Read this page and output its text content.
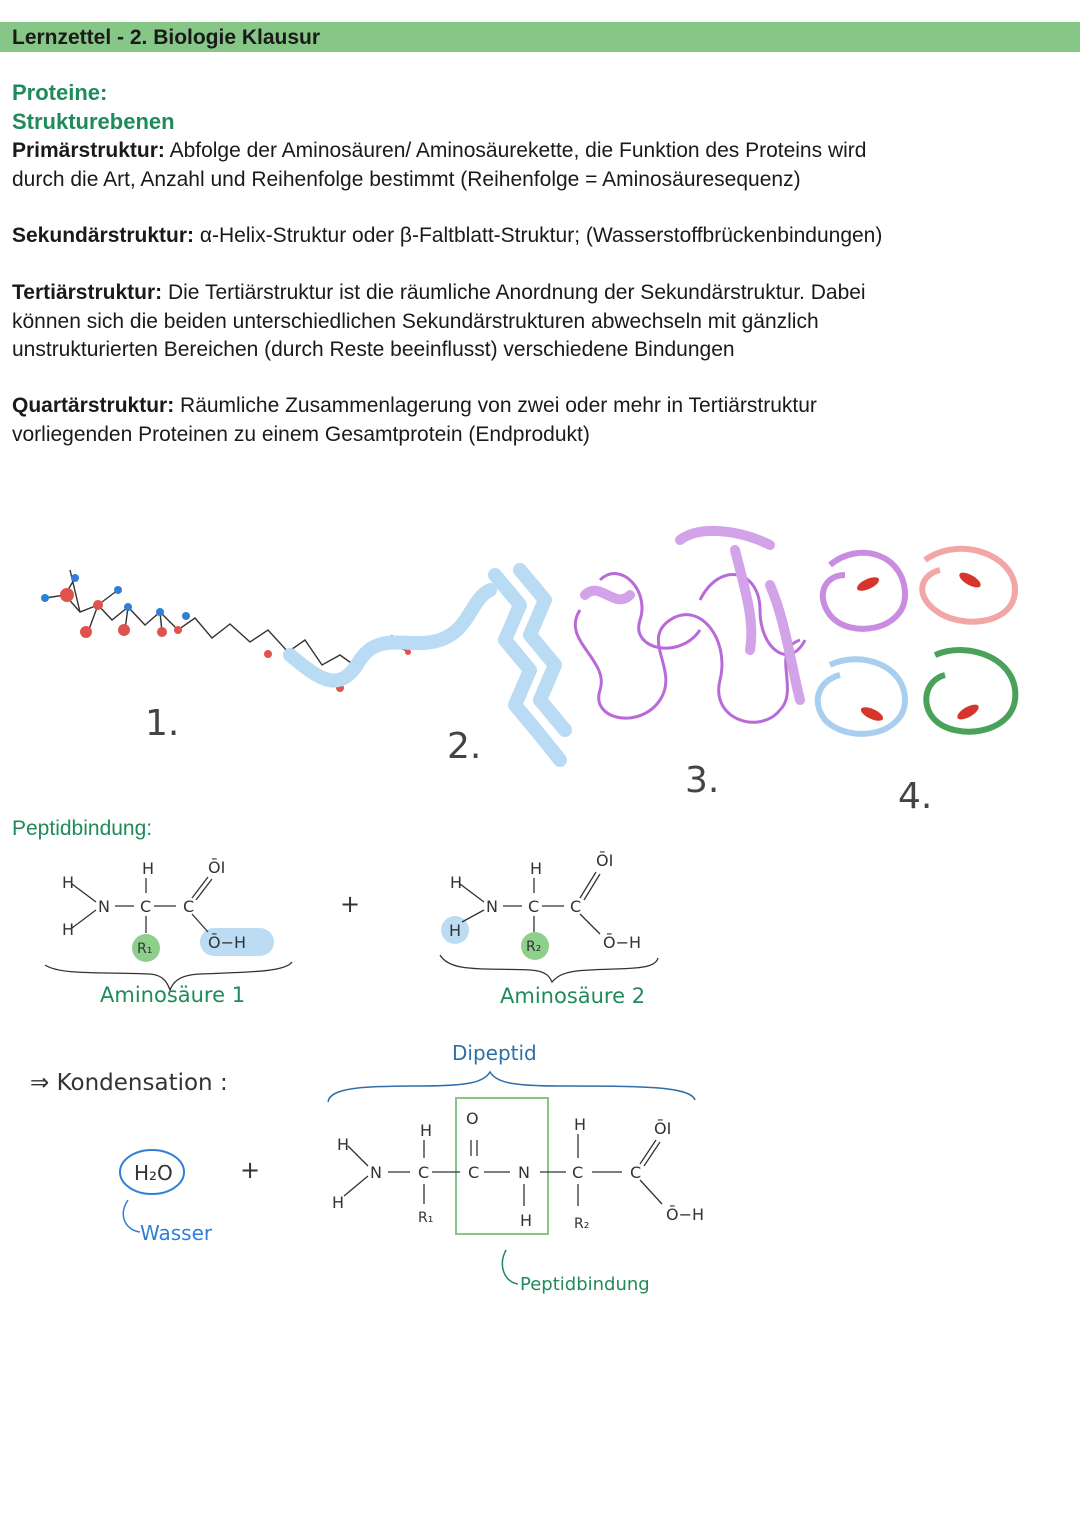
Lernzettel - 2. Biologie Klausur
Proteine:
Strukturebenen
Primärstruktur: Abfolge der Aminosäuren/ Aminosäurekette, die Funktion des Proteins wird
durch die Art, Anzahl und Reihenfolge bestimmt (Reihenfolge = Aminosäuresequenz)
Sekundärstruktur: α-Helix-Struktur oder β-Faltblatt-Struktur; (Wasserstoffbrückenbindungen)
Tertiärstruktur: Die Tertiärstruktur ist die räumliche Anordnung der Sekundärstruktur. Dabei
können sich die beiden unterschiedlichen Sekundärstrukturen abwechseln mit gänzlich
unstrukturierten Bereichen (durch Reste beeinflusst) verschiedene Bindungen
Quartärstruktur: Räumliche Zusammenlagerung von zwei oder mehr in Tertiärstruktur
vorliegenden Proteinen zu einem Gesamtprotein (Endprodukt)
1.
2.
3.	4.
Peptidbindung:
H
H
N C
H
C
ŌI
Ō−H
R₁
Aminosäure 1
+
H
H
N C
H
C
ŌI
Ō−H
R₂
Aminosäure 2
⇒ Kondensation :
H₂O
Wasser
+
Dipeptid
H
H
N C
H
R₁
C
O
N
H
C
H
R₂
C
ŌI
Ō−H
Peptidbindung
